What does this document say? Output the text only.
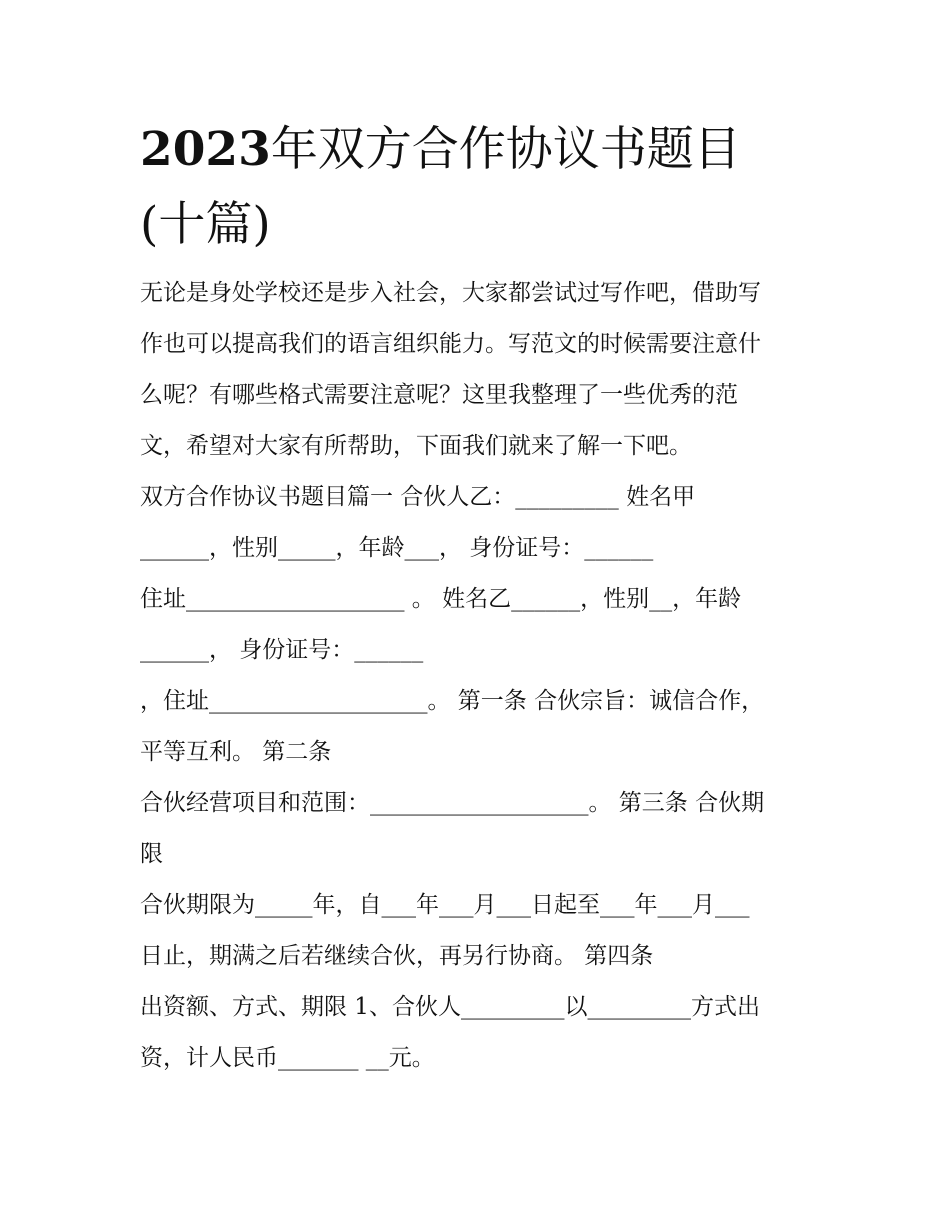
2023年双方合作协议书题目
(十篇)
无论是身处学校还是步入社会，大家都尝试过写作吧，借助写
作也可以提高我们的语言组织能力。写范文的时候需要注意什
么呢？有哪些格式需要注意呢？这里我整理了一些优秀的范
文，希望对大家有所帮助，下面我们就来了解一下吧。
双方合作协议书题目篇一 合伙人乙：_________ 姓名甲
______，性别_____，年龄___， 身份证号：______
住址___________________ 。 姓名乙______，性别__，年龄
______， 身份证号：______
，住址___________________。 第一条 合伙宗旨：诚信合作，
平等互利。 第二条
合伙经营项目和范围：___________________。 第三条 合伙期
限
合伙期限为_____年，自___年___月___日起至___年___月___
日止，期满之后若继续合伙，再另行协商。 第四条
出资额、方式、期限 1、合伙人_________以_________方式出
资，计人民币_______ __元。
